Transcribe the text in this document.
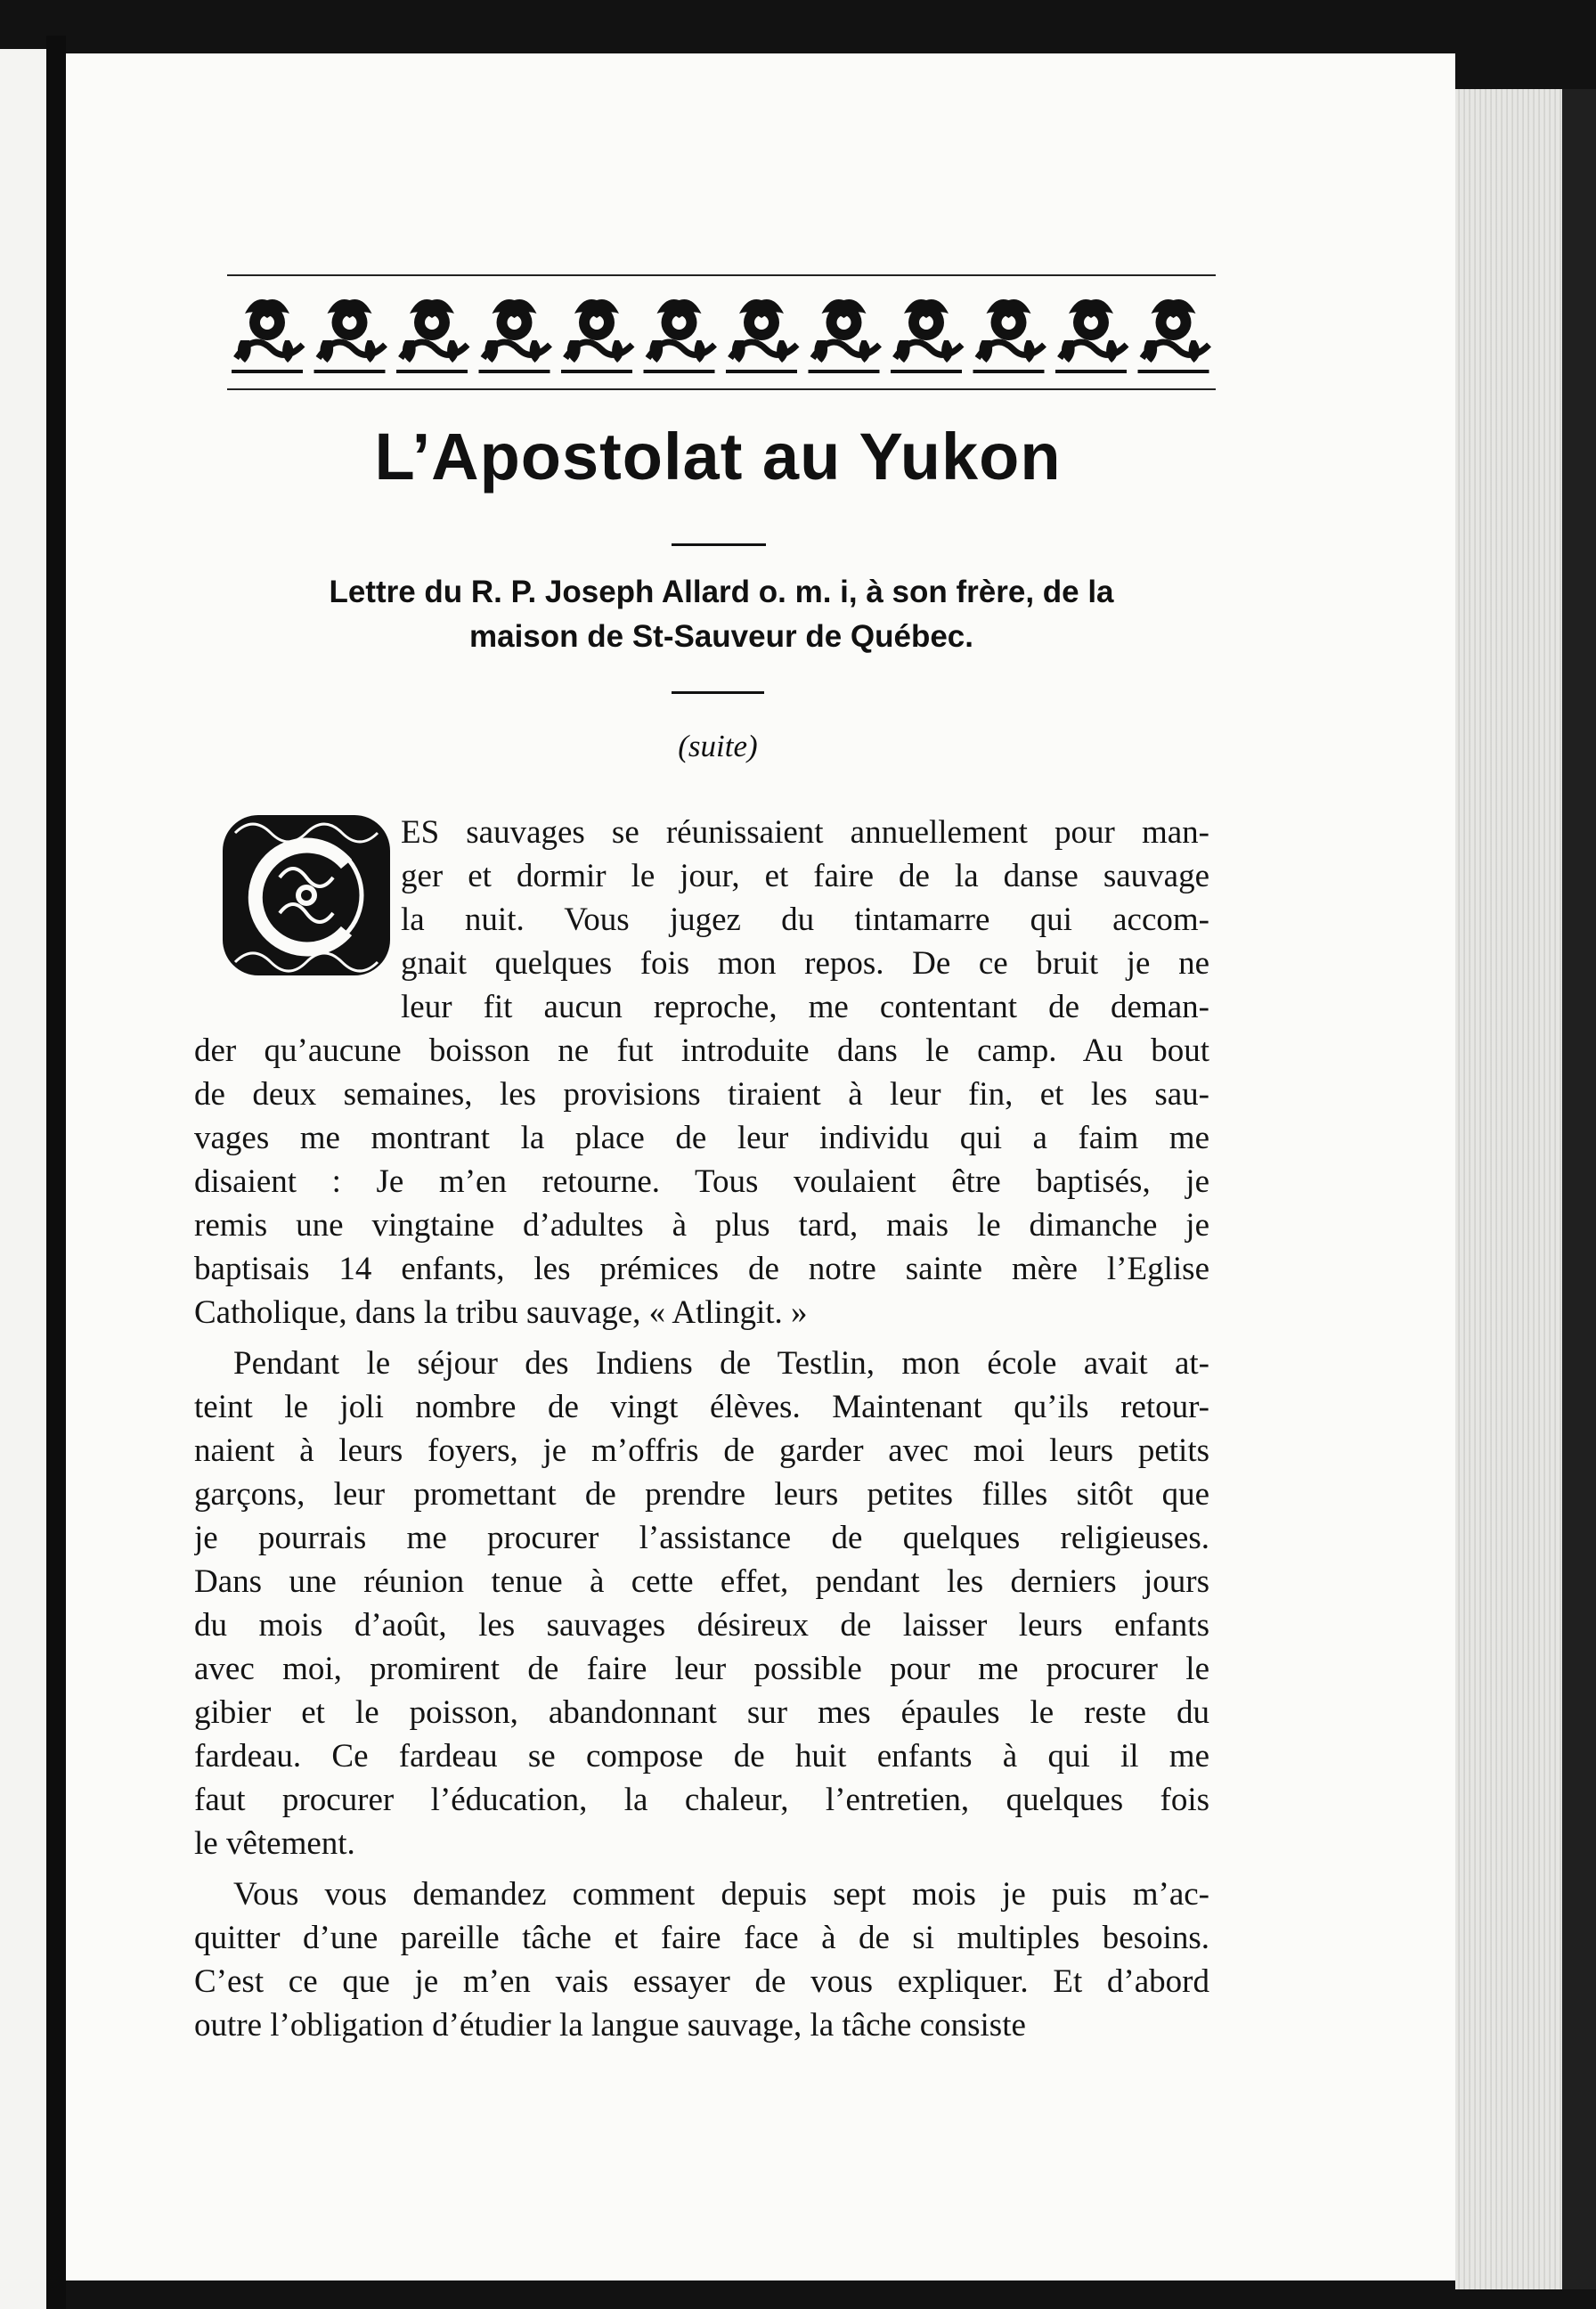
L’Apostolat au Yukon
Lettre du R. P. Joseph Allard o. m. i, à son frère, de la
maison de St-Sauveur de Québec.
(suite)
ES sauvages se réunissaient annuellement pour man-
ger et dormir le jour, et faire de la danse sauvage
la nuit. Vous jugez du tintamarre qui accom-
gnait quelques fois mon repos. De ce bruit je ne
leur fit aucun reproche, me contentant de deman-
der qu’aucune boisson ne fut introduite dans le camp. Au bout
de deux semaines, les provisions tiraient à leur fin, et les sau-
vages me montrant la place de leur individu qui a faim me
disaient : Je m’en retourne. Tous voulaient être baptisés, je
remis une vingtaine d’adultes à plus tard, mais le dimanche je
baptisais 14 enfants, les prémices de notre sainte mère l’Eglise
Catholique, dans la tribu sauvage, « Atlingit. »
Pendant le séjour des Indiens de Testlin, mon école avait at-
teint le joli nombre de vingt élèves. Maintenant qu’ils retour-
naient à leurs foyers, je m’offris de garder avec moi leurs petits
garçons, leur promettant de prendre leurs petites filles sitôt que
je pourrais me procurer l’assistance de quelques religieuses.
Dans une réunion tenue à cette effet, pendant les derniers jours
du mois d’août, les sauvages désireux de laisser leurs enfants
avec moi, promirent de faire leur possible pour me procurer le
gibier et le poisson, abandonnant sur mes épaules le reste du
fardeau. Ce fardeau se compose de huit enfants à qui il me
faut procurer l’éducation, la chaleur, l’entretien, quelques fois
le vêtement.
Vous vous demandez comment depuis sept mois je puis m’ac-
quitter d’une pareille tâche et faire face à de si multiples besoins.
C’est ce que je m’en vais essayer de vous expliquer. Et d’abord
outre l’obligation d’étudier la langue sauvage, la tâche consiste
